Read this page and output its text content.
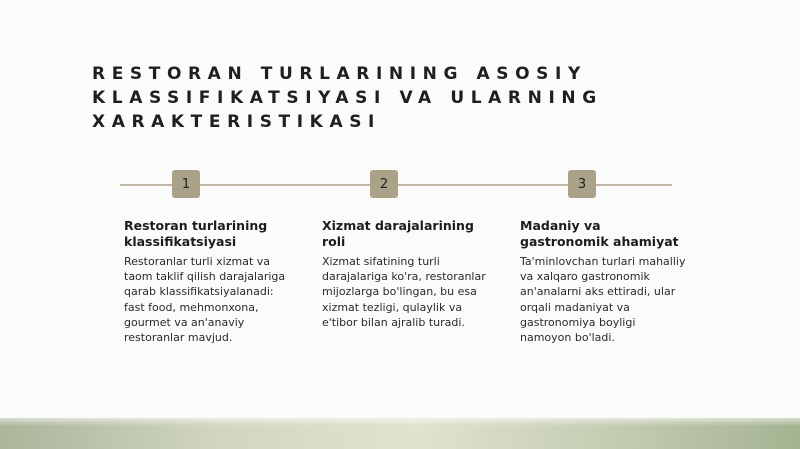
RESTORAN TURLARINING ASOSIY KLASSIFIKATSIYASI VA ULARNING XARAKTERISTIKASI
1	2	3
Restoran turlarining klassifikatsiyasi

Restoranlar turli xizmat va taom taklif qilish darajalariga qarab klassifikatsiyalanadi: fast food, mehmonxona, gourmet va an'anaviy restoranlar mavjud.

Xizmat darajalarining roli

Xizmat sifatining turli darajalariga ko'ra, restoranlar mijozlarga bo'lingan, bu esa xizmat tezligi, qulaylik va e'tibor bilan ajralib turadi.

Madaniy va gastronomik ahamiyat

Ta'minlovchan turlari mahalliy va xalqaro gastronomik an'analarni aks ettiradi, ular orqali madaniyat va gastronomiya boyligi namoyon bo'ladi.
